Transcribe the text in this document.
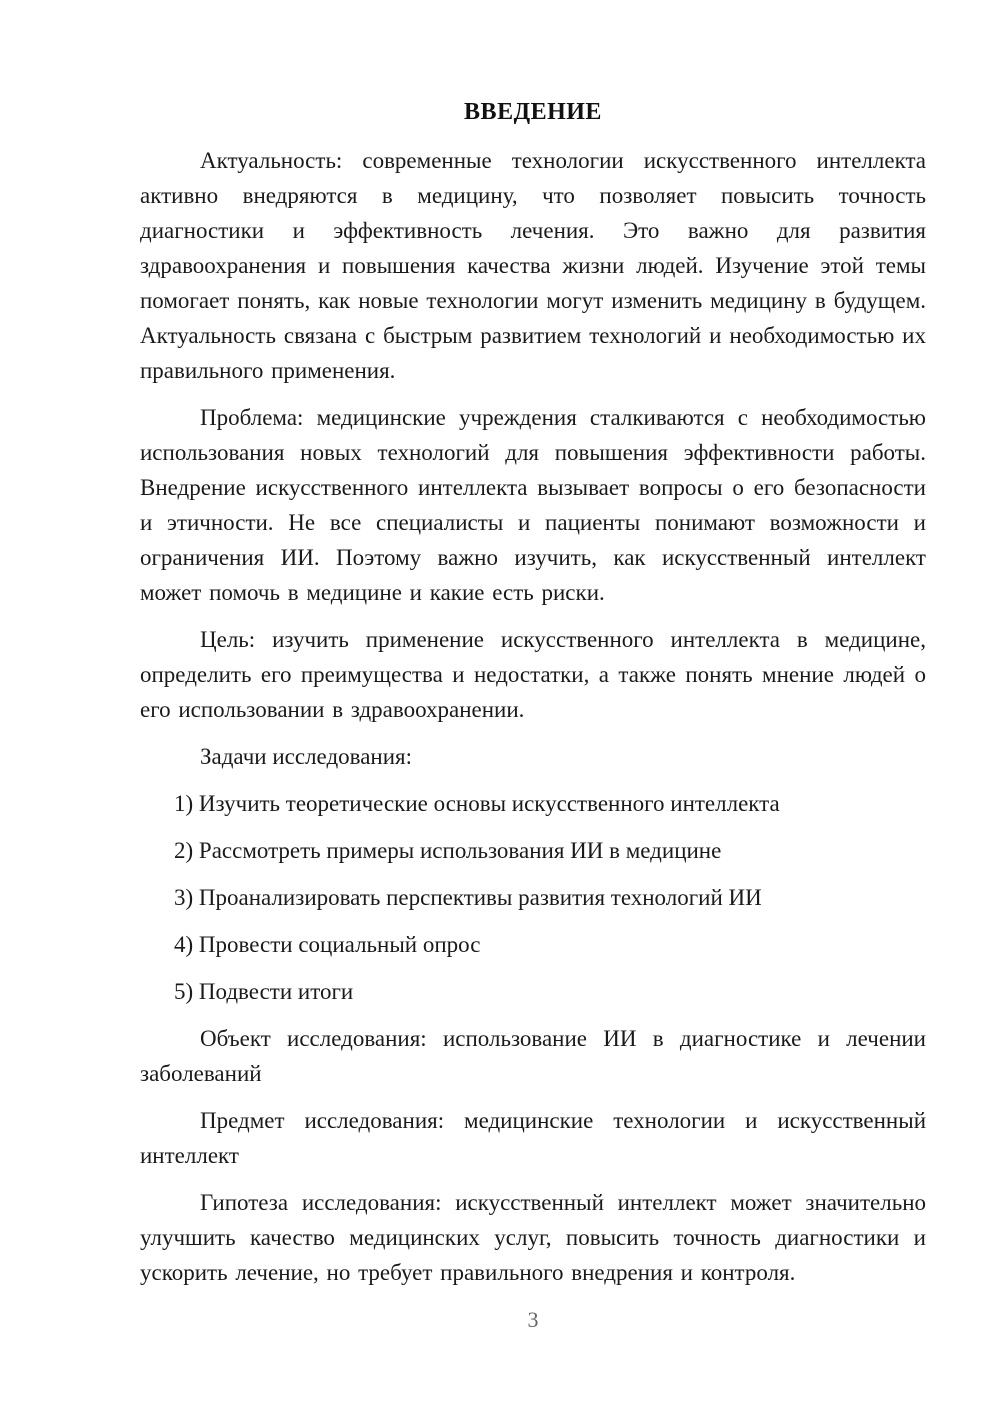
ВВЕДЕНИЕ

Актуальность: современные технологии искусственного интеллекта активно внедряются в медицину, что позволяет повысить точность диагностики и эффективность лечения. Это важно для развития здравоохранения и повышения качества жизни людей. Изучение этой темы помогает понять, как новые технологии могут изменить медицину в будущем. Актуальность связана с быстрым развитием технологий и необходимостью их правильного применения.

Проблема: медицинские учреждения сталкиваются с необходимостью использования новых технологий для повышения эффективности работы. Внедрение искусственного интеллекта вызывает вопросы о его безопасности и этичности. Не все специалисты и пациенты понимают возможности и ограничения ИИ. Поэтому важно изучить, как искусственный интеллект может помочь в медицине и какие есть риски.

Цель: изучить применение искусственного интеллекта в медицине, определить его преимущества и недостатки, а также понять мнение людей о его использовании в здравоохранении.

Задачи исследования:

1) Изучить теоретические основы искусственного интеллекта

2) Рассмотреть примеры использования ИИ в медицине

3) Проанализировать перспективы развития технологий ИИ

4) Провести социальный опрос

5) Подвести итоги

Объект исследования: использование ИИ в диагностике и лечении заболеваний

Предмет исследования: медицинские технологии и искусственный интеллект

Гипотеза исследования: искусственный интеллект может значительно улучшить качество медицинских услуг, повысить точность диагностики и ускорить лечение, но требует правильного внедрения и контроля.

3
